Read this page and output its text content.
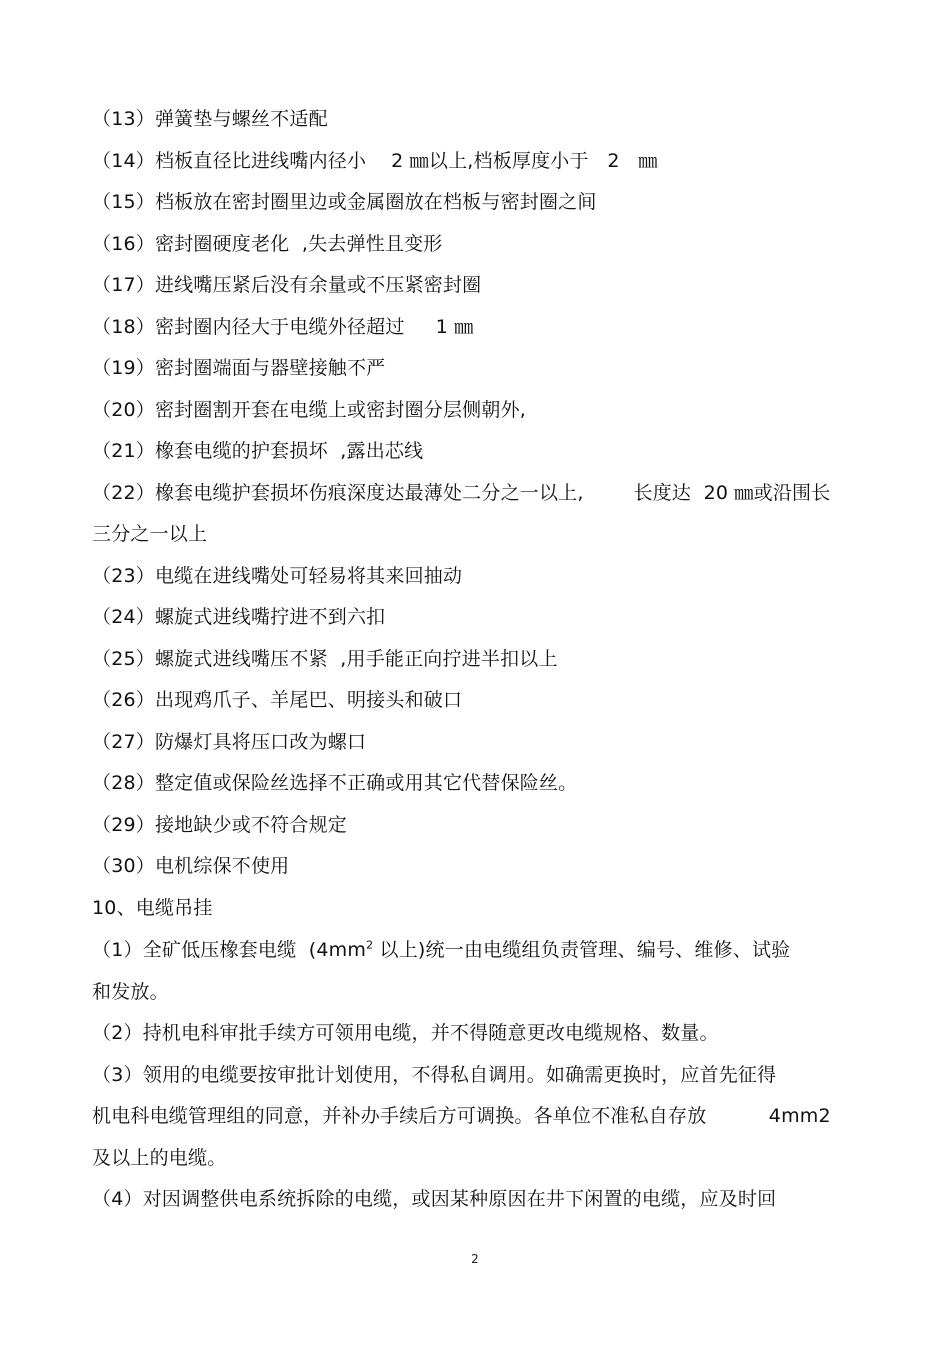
（13）弹簧垫与螺丝不适配
（14）档板直径比进线嘴内径小    2 ㎜以上,档板厚度小于   2   ㎜
（15）档板放在密封圈里边或金属圈放在档板与密封圈之间
（16）密封圈硬度老化  ,失去弹性且变形
（17）进线嘴压紧后没有余量或不压紧密封圈
（18）密封圈内径大于电缆外径超过     1 ㎜
（19）密封圈端面与器壁接触不严
（20）密封圈割开套在电缆上或密封圈分层侧朝外,
（21）橡套电缆的护套损坏  ,露出芯线
（22）橡套电缆护套损坏伤痕深度达最薄处二分之一以上,        长度达  20 ㎜或沿围长
三分之一以上
（23）电缆在进线嘴处可轻易将其来回抽动
（24）螺旋式进线嘴拧进不到六扣
（25）螺旋式进线嘴压不紧  ,用手能正向拧进半扣以上
（26）出现鸡爪子、羊尾巴、明接头和破口
（27）防爆灯具将压口改为螺口
（28）整定值或保险丝选择不正确或用其它代替保险丝。
（29）接地缺少或不符合规定
（30）电机综保不使用
10、电缆吊挂
（1）全矿低压橡套电缆  ($4mm^2$ 以上)统一由电缆组负责管理、编号、维修、试验
和发放。
（2）持机电科审批手续方可领用电缆，并不得随意更改电缆规格、数量。
（3）领用的电缆要按审批计划使用，不得私自调用。如确需更换时，应首先征得
机电科电缆管理组的同意，并补办手续后方可调换。各单位不准私自存放          4mm2
及以上的电缆。
（4）对因调整供电系统拆除的电缆，或因某种原因在井下闲置的电缆，应及时回
2
